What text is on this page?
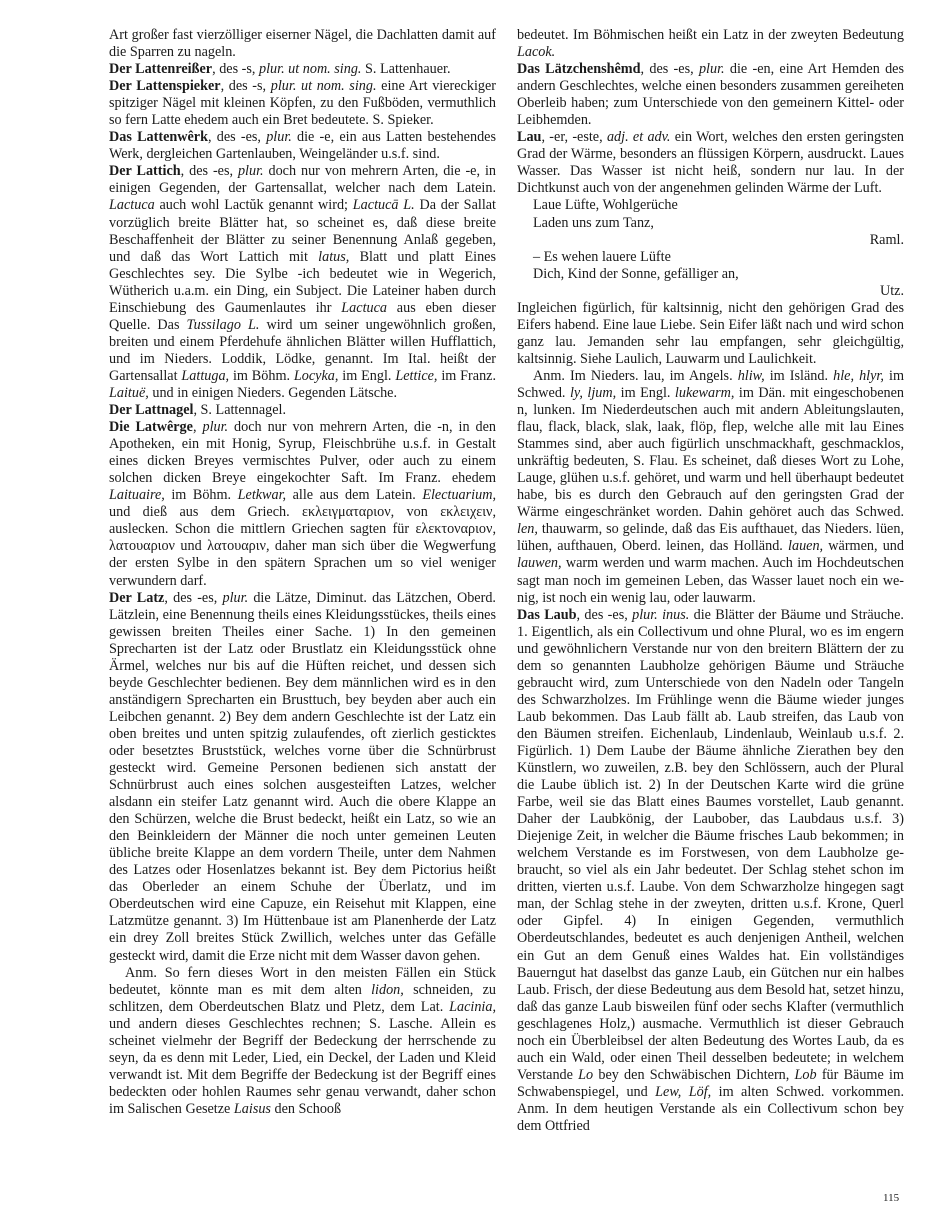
Art großer fast vierzölliger eiserner Nägel, die Dachlatten damit auf die Sparren zu nageln.

Der Lattenreißer, des -s, plur. ut nom. sing. S. Lattenhauer.

Der Lattenspieker, des -s, plur. ut nom. sing. eine Art viereckiger spitziger Nägel mit kleinen Köpfen, zu den Fußböden, vermuthlich so fern Latte ehedem auch ein Bret bedeutete. S. Spieker.

Das Lattenwêrk, des -es, plur. die -e, ein aus Latten bestehendes Werk, dergleichen Gartenlauben, Weingeländer u.s.f. sind.

Der Lattich, des -es, plur. doch nur von mehrern Arten, die -e, in einigen Gegenden, der Gartensallat, welcher nach dem Latein. Lactuca auch wohl Lactŭk genannt wird; Lactucā L. Da der Sallat vorzüglich breite Blätter hat, so scheinet es, daß diese breite Beschaffenheit der Blätter zu seiner Benennung Anlaß gegeben, und daß das Wort Lattich mit latus, Blatt und platt Eines Geschlechtes sey. Die Sylbe -ich bedeutet wie in Wegerich, Wütherich u.a.m. ein Ding, ein Subject. Die Lateiner haben durch Einschiebung des Gaumenlautes ihr Lactuca aus eben dieser Quelle. Das Tussilago L. wird um seiner ungewöhnlich großen, breiten und einem Pferdehufe ähnlichen Blätter willen Hufflattich, und im Nieders. Loddik, Lödke, genannt. Im Ital. heißt der Gartensallat Lattuga, im Böhm. Locyka, im Engl. Lettice, im Franz. Laituë, und in einigen Nieders. Gegenden Lätsche.

Der Lattnagel, S. Lattennagel.

Die Latwêrge, plur. doch nur von mehrern Arten, die -n, in den Apotheken, ein mit Honig, Syrup, Fleischbrühe u.s.f. in Gestalt eines dicken Breyes vermischtes Pulver, oder auch zu einem solchen dicken Breye eingekochter Saft. Im Franz. ehedem Laituaire, im Böhm. Letkwar, alle aus dem Latein. Electuarium, und dieß aus dem Griech. εκλειγματαριον, von εκλειχειν, auslecken. Schon die mittlern Griechen sagten für ελεκτοναριον, λατουαριον und λατουαριν, daher man sich über die Wegwerfung der ersten Sylbe in den spätern Sprachen um so viel weniger verwundern darf.

Der Latz, des -es, plur. die Lätze, Diminut. das Lätzchen, Oberd. Lätzlein, eine Benennung theils eines Kleidungsstückes, theils eines gewissen breiten Theiles einer Sache. 1) In den gemeinen Sprecharten ist der Latz oder Brustlatz ein Kleidungsstück ohne Ärmel, welches nur bis auf die Hüften reichet, und dessen sich beyde Geschlechter bedienen. Bey dem männlichen wird es in den anständigern Sprecharten ein Brusttuch, bey beyden aber auch ein Leibchen genannt. 2) Bey dem andern Geschlechte ist der Latz ein oben breites und unten spitzig zulaufendes, oft zierlich gesticktes oder besetztes Bruststück, welches vorne über die Schnürbrust gesteckt wird. Gemeine Personen bedienen sich anstatt der Schnürbrust auch eines solchen ausgesteiften Latzes, welcher alsdann ein steifer Latz genannt wird. Auch die obere Klappe an den Schürzen, welche die Brust bedeckt, heißt ein Latz, so wie an den Beinkleidern der Männer die noch unter gemeinen Leuten übliche breite Klappe an dem vordern Theile, unter dem Nahmen des Latzes oder Hosenlatzes bekannt ist. Bey dem Pictorius heißt das Oberleder an einem Schuhe der Überlatz, und im Oberdeutschen wird eine Capuze, ein Reisehut mit Klappen, eine Latzmütze genannt. 3) Im Hüttenbaue ist am Planenherde der Latz ein drey Zoll breites Stück Zwillich, welches unter das Gefälle gesteckt wird, damit die Erze nicht mit dem Wasser davon gehen.

Anm. So fern dieses Wort in den meisten Fällen ein Stück bedeutet, könnte man es mit dem alten lidon, schneiden, zu schlitzen, dem Oberdeutschen Blatz und Pletz, dem Lat. Lacinia, und andern dieses Geschlechtes rechnen; S. Lasche. Allein es scheinet vielmehr der Begriff der Bedeckung der herrschende zu seyn, da es denn mit Leder, Lied, ein Deckel, der Laden und Kleid verwandt ist. Mit dem Begriffe der Bedeckung ist der Begriff eines bedeckten oder hohlen Raumes sehr genau verwandt, daher schon im Salischen Gesetze Laisus den Schooß

bedeutet. Im Böhmischen heißt ein Latz in der zweyten Bedeutung Lacok.

Das Lätzchenshêmd, des -es, plur. die -en, eine Art Hemden des andern Geschlechtes, welche einen besonders zusammen gereiheten Oberleib haben; zum Unterschiede von den gemeinern Kittel- oder Leibhemden.

Lau, -er, -este, adj. et adv. ein Wort, welches den ersten geringsten Grad der Wärme, besonders an flüssigen Körpern, ausdruckt. Laues Wasser. Das Wasser ist nicht heiß, sondern nur lau. In der Dichtkunst auch von der angenehmen gelinden Wärme der Luft.

Laue Lüfte, Wohlgerüche

Laden uns zum Tanz,

Raml.

– Es wehen lauere Lüfte

Dich, Kind der Sonne, gefälliger an,

Utz.

Ingleichen figürlich, für kaltsinnig, nicht den gehörigen Grad des Eifers habend. Eine laue Liebe. Sein Eifer läßt nach und wird schon ganz lau. Jemanden sehr lau empfangen, sehr gleichgültig, kaltsinnig. Siehe Laulich, Lauwarm und Laulichkeit.

Anm. Im Nieders. lau, im Angels. hliw, im Isländ. hle, hlyr, im Schwed. ly, ljum, im Engl. lukewarm, im Dän. mit eingeschobenen n, lunken. Im Niederdeutschen auch mit andern Ableitungslauten, flau, flack, black, slak, laak, flöp, flep, welche alle mit lau Eines Stammes sind, aber auch figürlich unschmackhaft, geschmacklos, unkräftig bedeuten, S. Flau. Es scheinet, daß dieses Wort zu Lohe, Lauge, glühen u.s.f. gehöret, und warm und hell überhaupt bedeutet habe, bis es durch den Gebrauch auf den geringsten Grad der Wärme eingeschränket worden. Dahin gehöret auch das Schwed. len, thauwarm, so gelinde, daß das Eis aufthauet, das Nieders. lüen, lühen, aufthauen, Oberd. leinen, das Holländ. lauen, wärmen, und lauwen, warm werden und warm machen. Auch im Hochdeutschen sagt man noch im gemeinen Leben, das Wasser lauet noch ein wenig, ist noch ein wenig lau, oder lauwarm.

Das Laub, des -es, plur. inus. die Blätter der Bäume und Sträuche. 1. Eigentlich, als ein Collectivum und ohne Plural, wo es im engern und gewöhnlichern Verstande nur von den breitern Blättern der zu dem so genannten Laubholze gehörigen Bäume und Sträuche gebraucht wird, zum Unterschiede von den Nadeln oder Tangeln des Schwarzholzes. Im Frühlinge wenn die Bäume wieder junges Laub bekommen. Das Laub fällt ab. Laub streifen, das Laub von den Bäumen streifen. Eichenlaub, Lindenlaub, Weinlaub u.s.f. 2. Figürlich. 1) Dem Laube der Bäume ähnliche Zierathen bey den Künstlern, wo zuweilen, z.B. bey den Schlössern, auch der Plural die Laube üblich ist. 2) In der Deutschen Karte wird die grüne Farbe, weil sie das Blatt eines Baumes vorstellet, Laub genannt. Daher der Laubkönig, der Laubober, das Laubdaus u.s.f. 3) Diejenige Zeit, in welcher die Bäume frisches Laub bekommen; in welchem Verstande es im Forstwesen, von dem Laubholze gebraucht, so viel als ein Jahr bedeutet. Der Schlag stehet schon im dritten, vierten u.s.f. Laube. Von dem Schwarzholze hingegen sagt man, der Schlag stehe in der zweyten, dritten u.s.f. Krone, Querl oder Gipfel. 4) In einigen Gegenden, vermuthlich Oberdeutschlandes, bedeutet es auch denjenigen Antheil, welchen ein Gut an dem Genuß eines Waldes hat. Ein vollständiges Bauerngut hat daselbst das ganze Laub, ein Gütchen nur ein halbes Laub. Frisch, der diese Bedeutung aus dem Besold hat, setzet hinzu, daß das ganze Laub bisweilen fünf oder sechs Klafter (vermuthlich geschlagenes Holz,) ausmache. Vermuthlich ist dieser Gebrauch noch ein Überbleibsel der alten Bedeutung des Wortes Laub, da es auch ein Wald, oder einen Theil desselben bedeutete; in welchem Verstande Lo bey den Schwäbischen Dichtern, Lob für Bäume im Schwabenspiegel, und Lew, Löf, im alten Schwed. vorkommen. Anm. In dem heutigen Verstande als ein Collectivum schon bey dem Ottfried

115
